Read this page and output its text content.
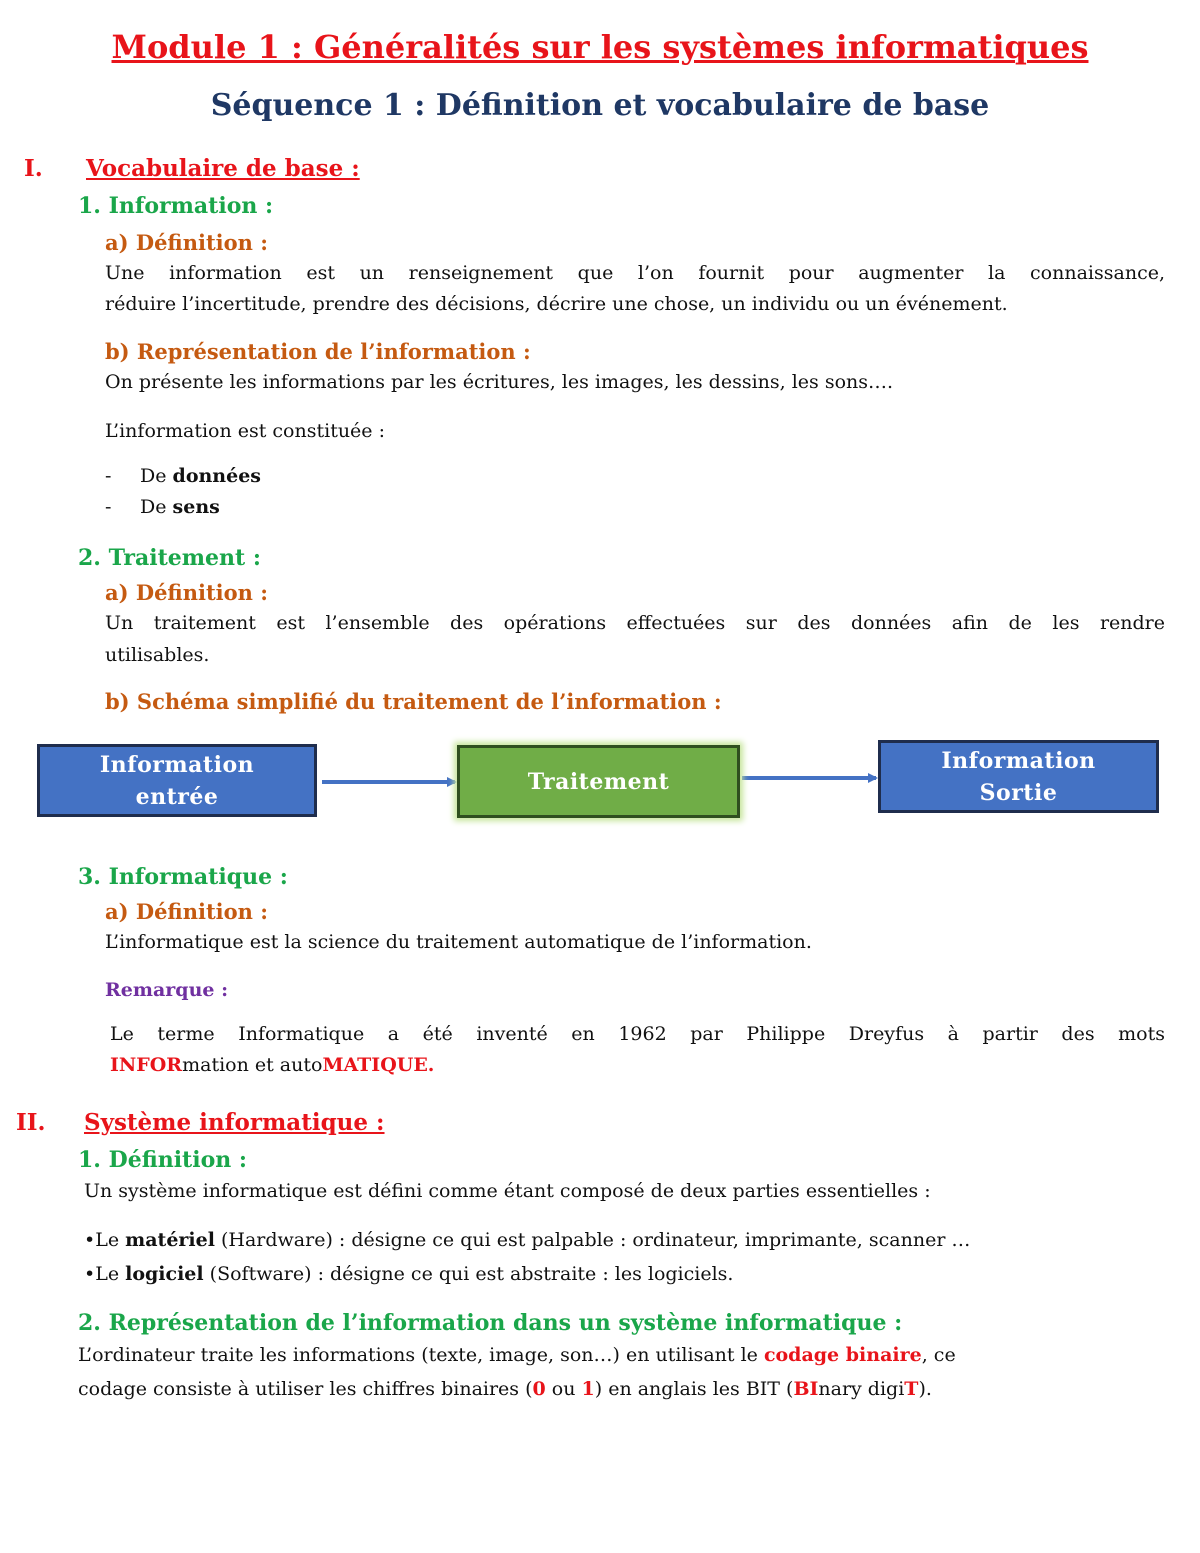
Module 1 : Généralités sur les systèmes informatiques
Séquence 1 : Définition et vocabulaire de base
I. Vocabulaire de base :
1. Information :
a) Définition :
Une information est un renseignement que l’on fournit pour augmenter la connaissance,
réduire l’incertitude, prendre des décisions, décrire une chose, un individu ou un événement.
b) Représentation de l’information :
On présente les informations par les écritures, les images, les dessins, les sons….
L’information est constituée :
- De données
- De sens
2. Traitement :
a) Définition :
Un traitement est l’ensemble des opérations effectuées sur des données afin de les rendre
utilisables.
b) Schéma simplifié du traitement de l’information :
Information
entrée
Traitement
Information
Sortie
3. Informatique :
a) Définition :
L’informatique est la science du traitement automatique de l’information.
Remarque :
Le terme Informatique a été inventé en 1962 par Philippe Dreyfus à partir des mots
INFORmation et autoMATIQUE.
II. Système informatique :
1. Définition :
Un système informatique est défini comme étant composé de deux parties essentielles :
•Le matériel (Hardware) : désigne ce qui est palpable : ordinateur, imprimante, scanner …
•Le logiciel (Software) : désigne ce qui est abstraite : les logiciels.
2. Représentation de l’information dans un système informatique :
L’ordinateur traite les informations (texte, image, son…) en utilisant le codage binaire, ce
codage consiste à utiliser les chiffres binaires (0 ou 1) en anglais les BIT (BInary digiT).
